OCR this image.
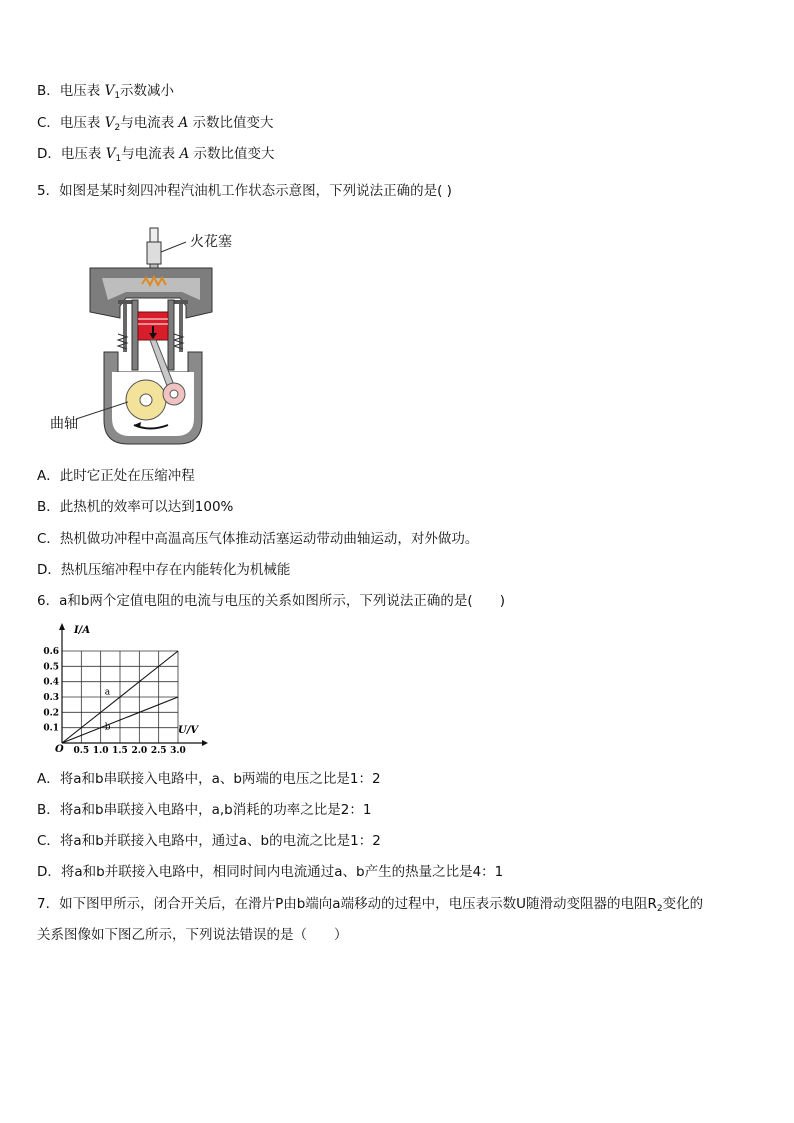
B．电压表 $V_1$示数减小
C．电压表 $V_2$与电流表 A 示数比值变大
D．电压表 $V_1$与电流表 A 示数比值变大
5．如图是某时刻四冲程汽油机工作状态示意图，下列说法正确的是( )
火花塞
曲轴
A．此时它正处在压缩冲程
B．此热机的效率可以达到100%
C．热机做功冲程中高温高压气体推动活塞运动带动曲轴运动，对外做功。
D．热机压缩冲程中存在内能转化为机械能
6．a和b两个定值电阻的电流与电压的关系如图所示，下列说法正确的是(　　)
a
b
0.5 1.0 1.5 2.0 2.5 3.0
0.1
0.2
0.3
0.4
0.5
0.6
I/A
U/V
O
A．将a和b串联接入电路中，a、b两端的电压之比是1：2
B．将a和b串联接入电路中，a,b消耗的功率之比是2：1
C．将a和b并联接入电路中，通过a、b的电流之比是1：2
D．将a和b并联接入电路中，相同时间内电流通过a、b产生的热量之比是4：1
7．如下图甲所示，闭合开关后，在滑片P由b端向a端移动的过程中，电压表示数U随滑动变阻器的电阻$R_2$变化的
关系图像如下图乙所示，下列说法错误的是（　　）
